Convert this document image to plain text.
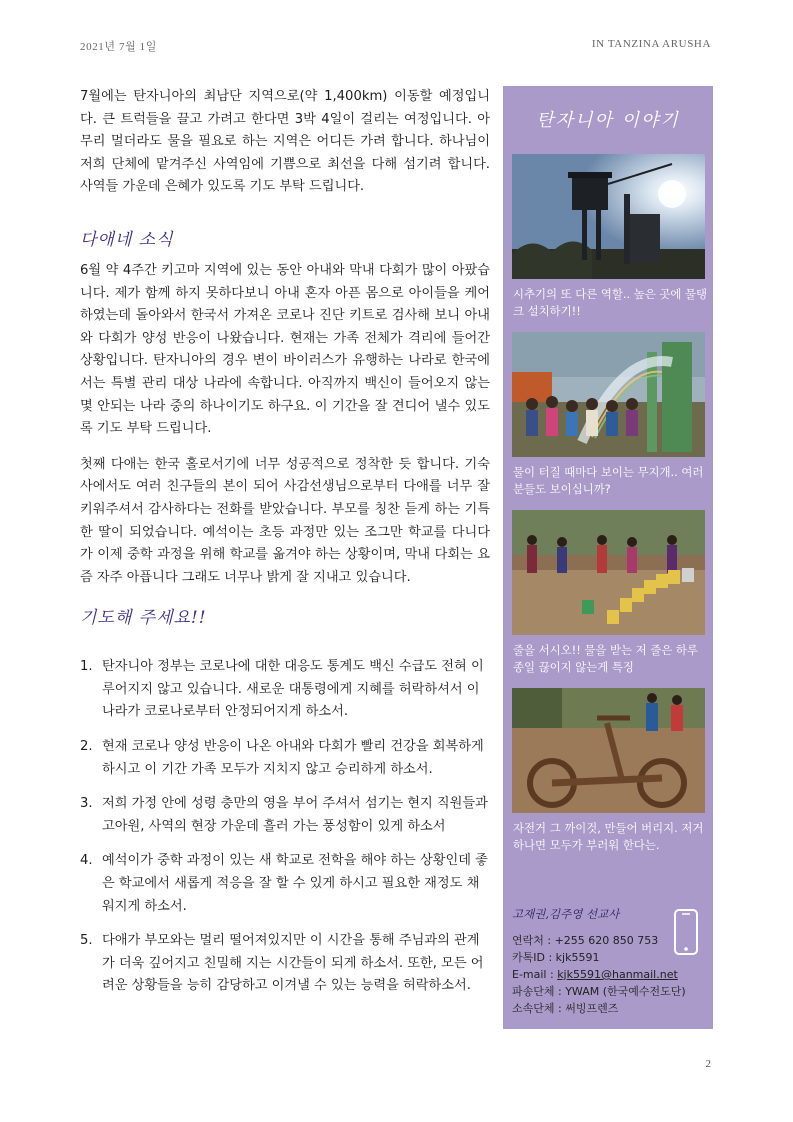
2021년 7월 1일	IN TANZINA ARUSHA

7월에는 탄자니아의 최남단 지역으로(약 1,400km) 이동할 예정입니다. 큰 트럭들을 끌고 가려고 한다면 3박 4일이 걸리는 여정입니다. 아무리 멀더라도 물을 필요로 하는 지역은 어디든 가려 합니다. 하나님이 저희 단체에 맡겨주신 사역임에 기쁨으로 최선을 다해 섬기려 합니다. 사역들 가운데 은혜가 있도록 기도 부탁 드립니다.

다애네 소식

6월 약 4주간 키고마 지역에 있는 동안 아내와 막내 다회가 많이 아팠습니다. 제가 함께 하지 못하다보니 아내 혼자 아픈 몸으로 아이들을 케어하였는데 돌아와서 한국서 가져온 코로나 진단 키트로 검사해 보니 아내와 다회가 양성 반응이 나왔습니다. 현재는 가족 전체가 격리에 들어간 상황입니다. 탄자니아의 경우 변이 바이러스가 유행하는 나라로 한국에서는 특별 관리 대상 나라에 속합니다. 아직까지 백신이 들어오지 않는 몇 안되는 나라 중의 하나이기도 하구요. 이 기간을 잘 견디어 낼수 있도록 기도 부탁 드립니다.

첫째 다애는 한국 홀로서기에 너무 성공적으로 정착한 듯 합니다. 기숙사에서도 여러 친구들의 본이 되어 사감선생님으로부터 다애를 너무 잘 키워주셔서 감사하다는 전화를 받았습니다. 부모를 칭찬 듣게 하는 기특한 딸이 되었습니다. 예석이는 초등 과정만 있는 조그만 학교를 다니다가 이제 중학 과정을 위해 학교를 옮겨야 하는 상황이며, 막내 다회는 요즘 자주 아픕니다 그래도 너무나 밝게 잘 지내고 있습니다.

기도해 주세요!!
1. 탄자니아 정부는 코로나에 대한 대응도 통계도 백신 수급도 전혀 이루어지지 않고 있습니다. 새로운 대통령에게 지혜를 허락하셔서 이 나라가 코로나로부터 안정되어지게 하소서.
2. 현재 코로나 양성 반응이 나온 아내와 다회가 빨리 건강을 회복하게 하시고 이 기간 가족 모두가 지치지 않고 승리하게 하소서.
3. 저희 가정 안에 성령 충만의 영을 부어 주셔서 섬기는 현지 직원들과 고아원, 사역의 현장 가운데 흘러 가는 풍성함이 있게 하소서
4. 예석이가 중학 과정이 있는 새 학교로 전학을 해야 하는 상황인데 좋은 학교에서 새롭게 적응을 잘 할 수 있게 하시고 필요한 재정도 채워지게 하소서.
5. 다애가 부모와는 멀리 떨어져있지만 이 시간을 통해 주님과의 관계가 더욱 깊어지고 친밀해 지는 시간들이 되게 하소서. 또한, 모든 어려운 상황들을 능히 감당하고 이겨낼 수 있는 능력을 허락하소서.
탄자니아 이야기
시추기의 또 다른 역할.. 높은 곳에 물탱크 설치하기!!
물이 터질 때마다 보이는 무지개.. 여러분들도 보이십니까?
줄을 서시오!! 물을 받는 저 줄은 하루종일 끊이지 않는게 특징
자전거 그 까이것, 만들어 버리지. 저거 하나면 모두가 부러워 한다는.
고재권,김주영 선교사
연락처 : +255 620 850 753
카톡ID : kjk5591
E-mail : kjk5591@hanmail.net
파송단체 : YWAM (한국예수전도단)
소속단체 : 써빙프렌즈
2
